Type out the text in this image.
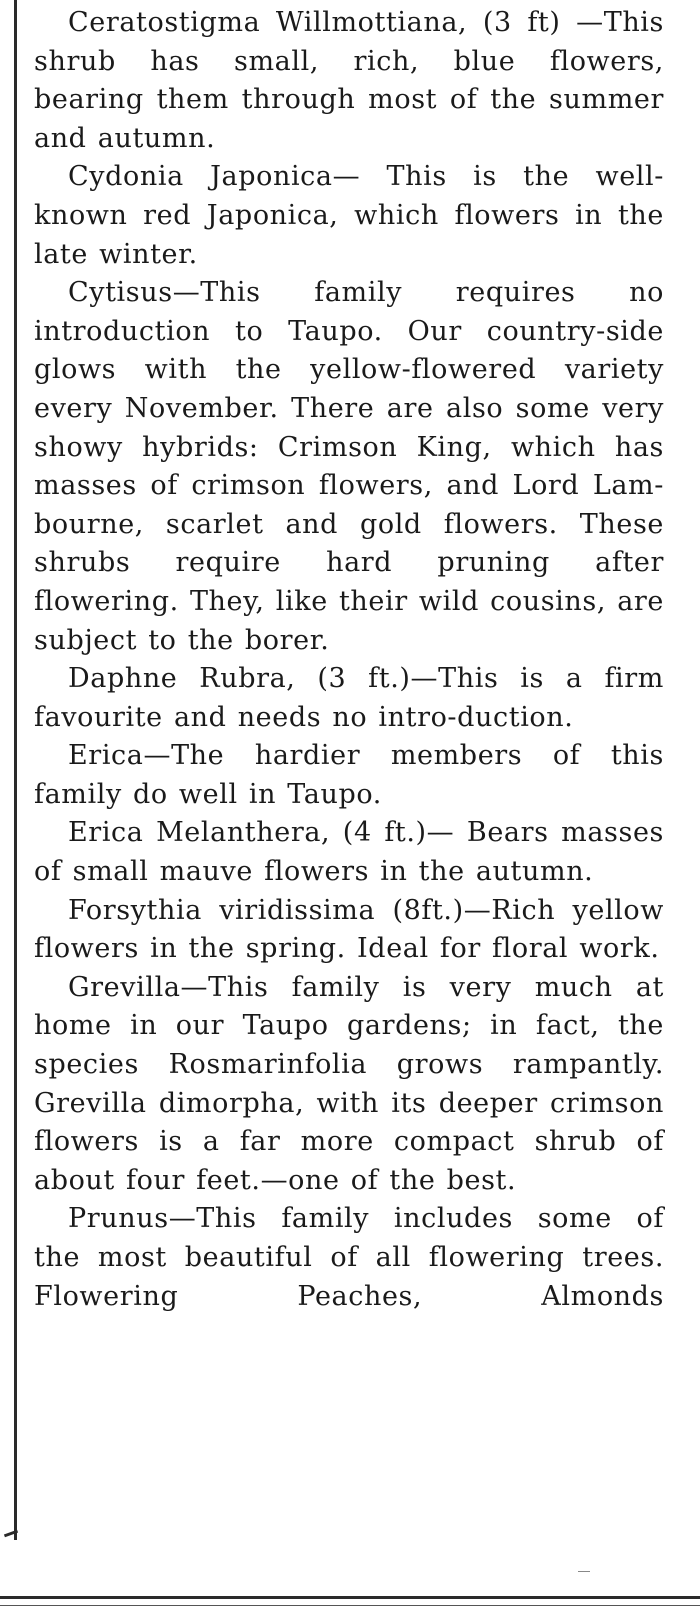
Ceratostigma Willmottiana, (3 ft) —This shrub has small, rich, blue flowers, bearing them through most of the summer and autumn.

Cydonia Japonica— This is the well-known red Japonica, which flowers in the late winter.

Cytisus—This family requires no introduction to Taupo. Our country-side glows with the yellow-flowered variety every November. There are also some very showy hybrids: Crimson King, which has masses of crimson flowers, and Lord Lam-bourne, scarlet and gold flowers. These shrubs require hard pruning after flowering. They, like their wild cousins, are subject to the borer.

Daphne Rubra, (3 ft.)—This is a firm favourite and needs no intro-duction.

Erica—The hardier members of this family do well in Taupo.

Erica Melanthera, (4 ft.)— Bears masses of small mauve flowers in the autumn.

Forsythia viridissima (8ft.)—Rich yellow flowers in the spring. Ideal for floral work.

Grevilla—This family is very much at home in our Taupo gardens; in fact, the species Rosmarinfolia grows rampantly. Grevilla dimorpha, with its deeper crimson flowers is a far more compact shrub of about four feet.—one of the best.

Prunus—This family includes some of the most beautiful of all flowering trees. Flowering Peaches, Almonds
